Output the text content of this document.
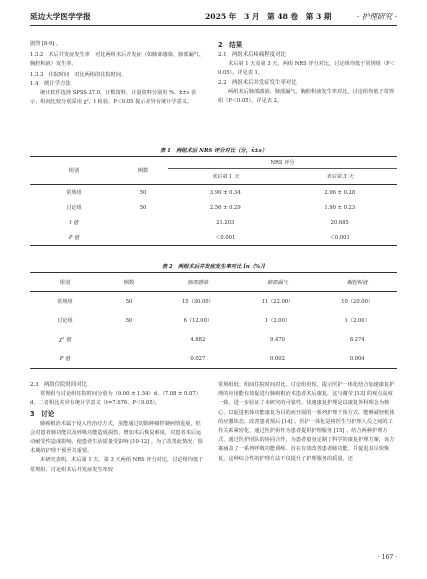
延边大学医学学报	2025 年　3 月　第 48 卷　第 3 期	· 护理研究 ·

剧烈 [8-9] 。

1.3.2　术后并发症发生率　对比两组术后并发症（如肺部感染、肺部漏气、胸腔积液）发生率。

1.3.3　住院时间　对比两组的住院时间。

1.4　统计学方法

统计软件选择 SPSS 27.0，计数资料、计量资料分别用 %、x̄±s 表示，组间比较分别采用 χ²、t 检验，P＜0.05 提示差异有统计学意义。

2　结果

2.1　两组术后疼痛程度对比

术后第 1 天及第 3 天，两组 NRS 评分对比，讨论组均低于常规组（P＜0.05）。详见表 1。

2.2　两组术后并发症发生率对比

两组术后肺部感染、肺部漏气、胸腔积液发生率对比，讨论组均低于常规组（P＜0.05）。详见表 2。

表 1　两组术后 NRS 评分对比（分，x̄±s）
组别	例数	NRS 评分	
		术后第 1 天	术后第 3 天
常规组	50	3.90 ± 0.34	2.96 ± 0.28
讨论组	50	2.56 ± 0.29	1.90 ± 0.23
t 值		21.203	20.685
P 值		＜0.001	＜0.001
表 2　两组术后并发症发生率对比 [n（%）]
组别	例数	肺部感染	肺部漏气	胸腔积液
常规组	50	15（30.00）	11（22.00）	10（20.00）
讨论组	50	6（12.00）	1（2.00）	1（2.00）
χ² 值		4.882	9.470	8.274
P 值		0.027	0.002	0.004

2.3　两组住院时间对比

常规组与讨论组住院时间分别为（9.00 ± 1.54）d、（7.08 ± 0.87）d，二者相比差异有统计学意义（t=7.676，P＜0.05）。

3　讨论

肺癌根治术属于侵入性治疗方式，虽能通过切除肿瘤控制病情进展，但会对患者肺功能以及呼吸功能造成损伤，增加术后恢复难度，对患者术后运动耐受性造成影响，使患者生活质量受影响 [10-12] 。为了改善此情况，围术期的护理干预至关重要。

本研究表明，术后第 1 天、第 3 天两组 NRS 评分对比，讨论组均低于常规组；讨论组术后并发症发生率较

常规组低；组间住院时间对比，讨论组更短。提示医护一体化结合加速康复护理的应用能有效促进行肺癌根治术患者术后康复，这与谢莹 [13] 的观点高度一致，进一步验证了本研究的可靠性。快速康复护理是以康复外科理念为核心，以促进机体功能康复为目的而开展的一系列护理干预方式，能够减轻机体的应激状态，改善患者预后 [14] 。医护一体化是将医生与护理人员之间的工作关系紧密化，通过医护协作为患者提供护理服务 [15] 。结合两种护理方式，通过医护团队的协同合作，为患者量身定制了科学的康复护理方案，该方案涵盖了一系列呼吸功能训练、旨在有效改善患者肺功能，并促进其尽快恢复。这种综合性的护理方法不仅提升了护理服务的质量，还

· 167 ·
